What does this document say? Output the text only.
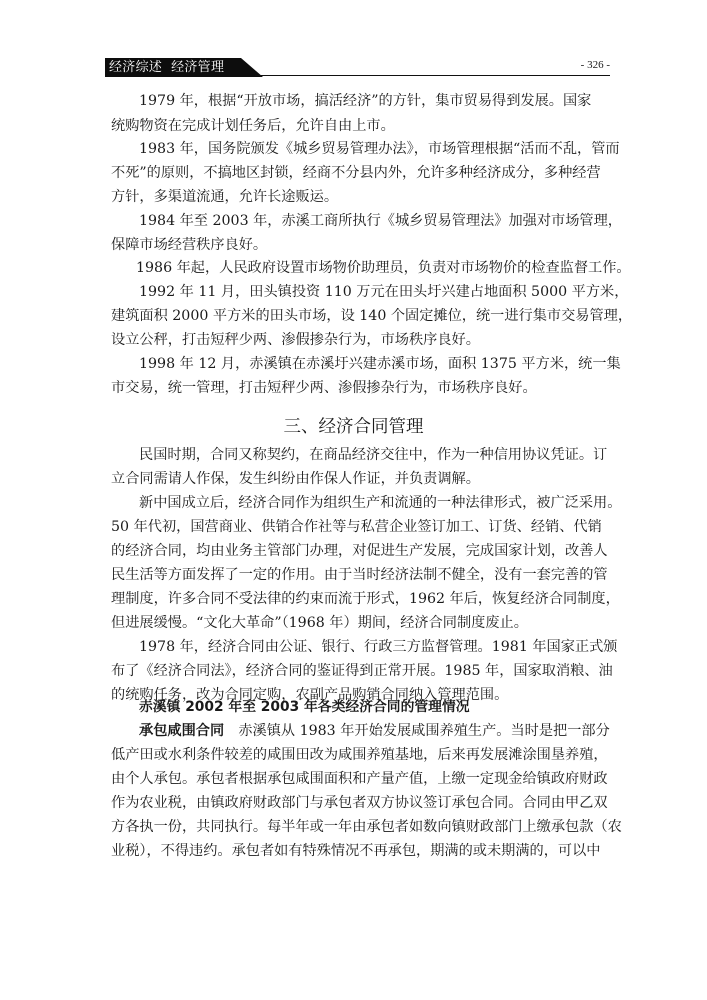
经济综述  经济管理	- 326 -
1979 年，根据“开放市场，搞活经济”的方针，集市贸易得到发展。国家
统购物资在完成计划任务后，允许自由上市。
1983 年，国务院颁发《城乡贸易管理办法》，市场管理根据“活而不乱，管而
不死”的原则，不搞地区封锁，经商不分县内外，允许多种经济成分，多种经营
方针，多渠道流通，允许长途贩运。
1984 年至 2003 年，赤溪工商所执行《城乡贸易管理法》加强对市场管理，
保障市场经营秩序良好。
1986 年起，人民政府设置市场物价助理员，负责对市场物价的检查监督工作。
1992 年 11 月，田头镇投资 110 万元在田头圩兴建占地面积 5000 平方米，
建筑面积 2000 平方米的田头市场，设 140 个固定摊位，统一进行集市交易管理，
设立公秤，打击短秤少两、渗假掺杂行为，市场秩序良好。
1998 年 12 月，赤溪镇在赤溪圩兴建赤溪市场，面积 1375 平方米，统一集
市交易，统一管理，打击短秤少两、渗假掺杂行为，市场秩序良好。
三、经济合同管理
民国时期，合同又称契约，在商品经济交往中，作为一种信用协议凭证。订
立合同需请人作保，发生纠纷由作保人作证，并负责调解。
新中国成立后，经济合同作为组织生产和流通的一种法律形式，被广泛采用。
50 年代初，国营商业、供销合作社等与私营企业签订加工、订货、经销、代销
的经济合同，均由业务主管部门办理，对促进生产发展，完成国家计划，改善人
民生活等方面发挥了一定的作用。由于当时经济法制不健全，没有一套完善的管
理制度，许多合同不受法律的约束而流于形式，1962 年后，恢复经济合同制度，
但进展缓慢。“文化大革命”（1968 年）期间，经济合同制度废止。
1978 年，经济合同由公证、银行、行政三方监督管理。1981 年国家正式颁
布了《经济合同法》，经济合同的鉴证得到正常开展。1985 年，国家取消粮、油
的统购任务，改为合同定购，农副产品购销合同纳入管理范围。
赤溪镇 2002 年至 2003 年各类经济合同的管理情况
承包咸围合同　赤溪镇从 1983 年开始发展咸围养殖生产。当时是把一部分
低产田或水利条件较差的咸围田改为咸围养殖基地，后来再发展滩涂围垦养殖，
由个人承包。承包者根据承包咸围面积和产量产值，上缴一定现金给镇政府财政
作为农业税，由镇政府财政部门与承包者双方协议签订承包合同。合同由甲乙双
方各执一份，共同执行。每半年或一年由承包者如数向镇财政部门上缴承包款（农
业税），不得违约。承包者如有特殊情况不再承包，期满的或未期满的，可以中
